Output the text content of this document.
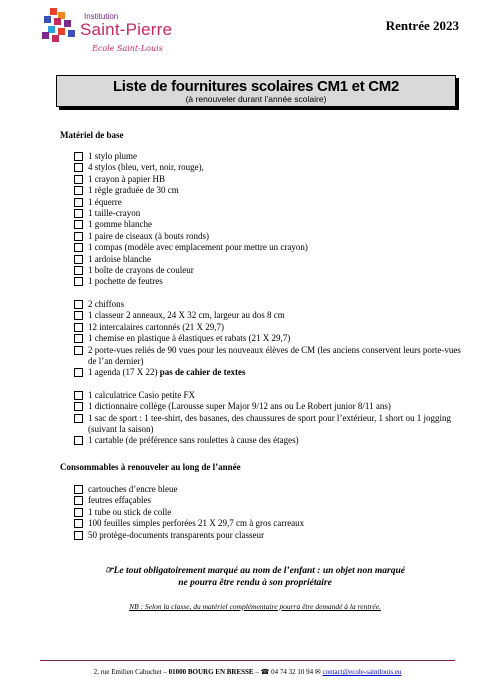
Institution
Saint-Pierre
Ecole Saint-Louis
Rentrée 2023
Liste de fournitures scolaires CM1 et CM2
(à renouveler durant l’année scolaire)
Matériel de base
1 stylo plume
4 stylos (bleu, vert, noir, rouge),
1 crayon à papier HB
1 règle graduée de 30 cm
1 équerre
1 taille-crayon
1 gomme blanche
1 paire de ciseaux (à bouts ronds)
1 compas (modèle avec emplacement pour mettre un crayon)
1 ardoise blanche
1 boîte de crayons de couleur
1 pochette de feutres
2 chiffons
1 classeur 2 anneaux, 24 X 32 cm, largeur au dos 8 cm
12 intercalaires cartonnés (21 X 29,7)
1 chemise en plastique à élastiques et rabats (21 X 29,7)
2 porte-vues reliés de 90 vues pour les nouveaux élèves de CM (les anciens conservent leurs porte-vues de l’an dernier)
1 agenda (17 X 22) pas de cahier de textes
1 calculatrice Casio petite FX
1 dictionnaire collège (Larousse super Major 9/12 ans ou Le Robert junior 8/11 ans)
1 sac de sport : 1 tee-shirt, des basanes, des chaussures de sport pour l’extérieur, 1 short ou 1 jogging (suivant la saison)
1 cartable (de préférence sans roulettes à cause des étages)
Consommables à renouveler au long de l’année
cartouches d’encre bleue
feutres effaçables
1 tube ou stick de colle
100 feuilles simples perforées 21 X 29,7 cm à gros carreaux
50 protège-documents transparents pour classeur
☞Le tout obligatoirement marqué au nom de l’enfant : un objet non marqué
ne pourra être rendu à son propriétaire
NB : Selon la classe, du matériel complémentaire pourra être demandé à la rentrée.
2, rue Emilien Cabuchet – 01000 BOURG EN BRESSE – ☎ 04 74 32 10 94 ✉ contact@ecole-saintlouis.eu
